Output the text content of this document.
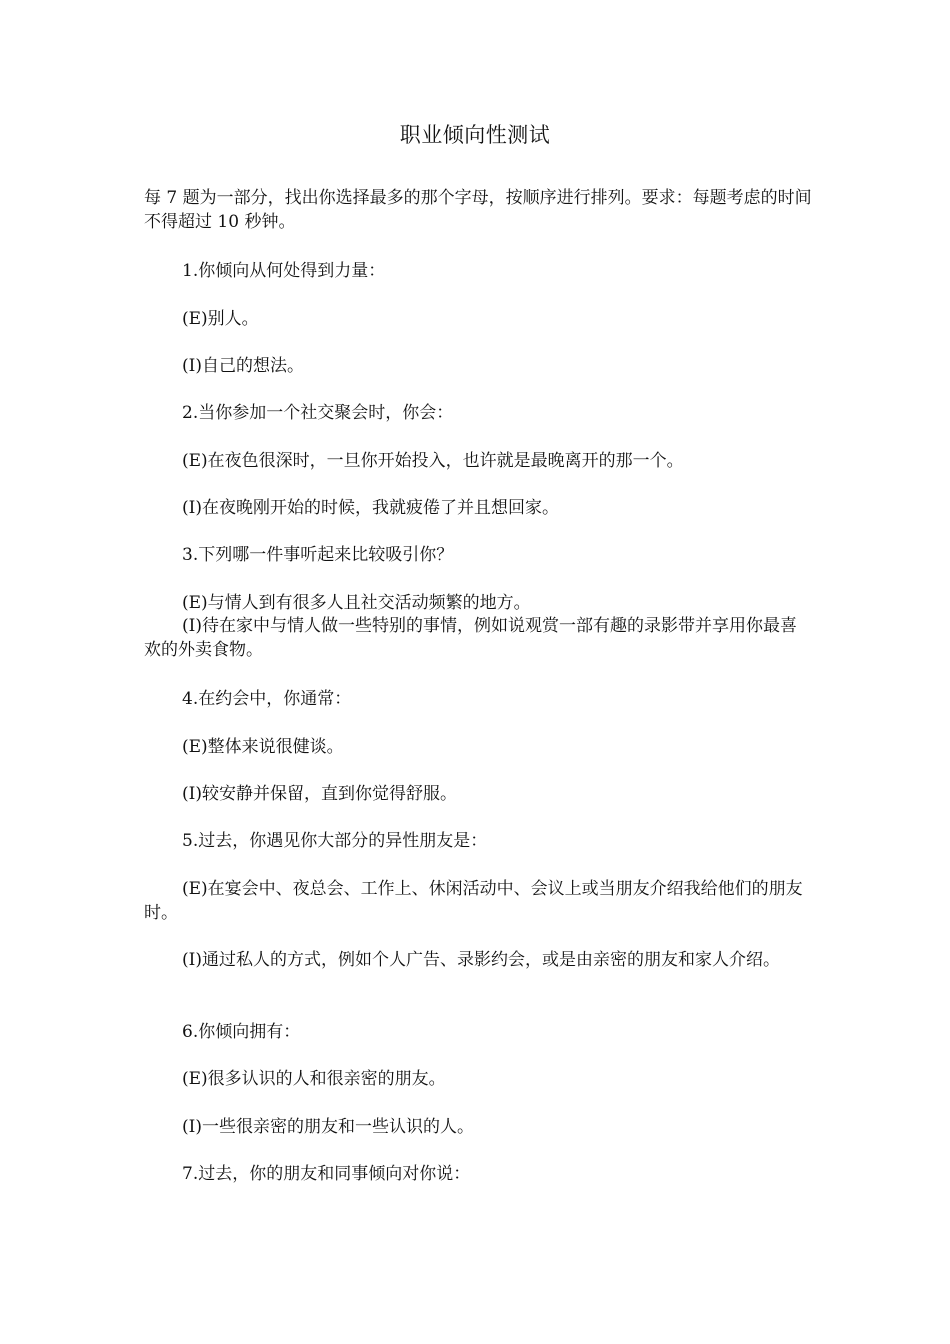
职业倾向性测试
每 7 题为一部分，找出你选择最多的那个字母，按顺序进行排列。要求：每题考虑的时间不得超过 10 秒钟。
1.你倾向从何处得到力量：
(E)别人。
(I)自己的想法。
2.当你参加一个社交聚会时，你会：
(E)在夜色很深时，一旦你开始投入，也许就是最晚离开的那一个。
(I)在夜晚刚开始的时候，我就疲倦了并且想回家。
3.下列哪一件事听起来比较吸引你？
(E)与情人到有很多人且社交活动频繁的地方。
(I)待在家中与情人做一些特别的事情，例如说观赏一部有趣的录影带并享用你最喜欢的外卖食物。
4.在约会中，你通常：
(E)整体来说很健谈。
(I)较安静并保留，直到你觉得舒服。
5.过去，你遇见你大部分的异性朋友是：
(E)在宴会中、夜总会、工作上、休闲活动中、会议上或当朋友介绍我给他们的朋友时。
(I)通过私人的方式，例如个人广告、录影约会，或是由亲密的朋友和家人介绍。
6.你倾向拥有：
(E)很多认识的人和很亲密的朋友。
(I)一些很亲密的朋友和一些认识的人。
7.过去，你的朋友和同事倾向对你说：
